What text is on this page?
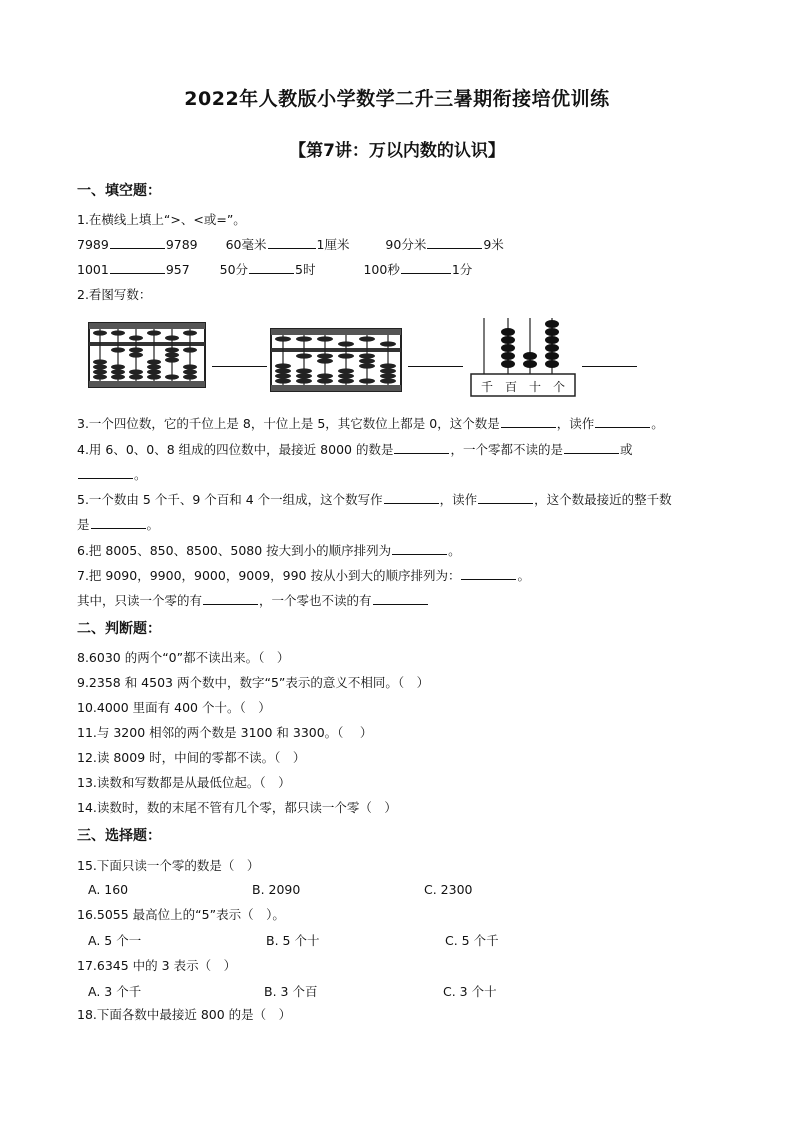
2022年人教版小学数学二升三暑期衔接培优训练
【第7讲：万以内数的认识】
一、填空题：
1.在横线上填上“>、<或=”。
7989	9789 60毫米	1厘米	90分米	9米
1001	957 50分	5时	100秒	1分
2.看图写数：
千 百 十 个
3.一个四位数，它的千位上是 8，十位上是 5，其它数位上都是 0，这个数是	，读作	。
4.用 6、0、0、8 组成的四位数中，最接近 8000 的数是	，一个零都不读的是	或
。
5.一个数由 5 个千、9 个百和 4 个一组成，这个数写作	，读作	，这个数最接近的整千数
是	。
6.把 8005、850、8500、5080 按大到小的顺序排列为	。
7.把 9090，9900，9000，9009，990 按从小到大的顺序排列为：	。
其中，只读一个零的有	，一个零也不读的有
二、判断题：
8.6030 的两个“0”都不读出来。（　）
9.2358 和 4503 两个数中，数字“5”表示的意义不相同。（　）
10.4000 里面有 400 个十。（　）
11.与 3200 相邻的两个数是 3100 和 3300。（　 ）
12.读 8009 时，中间的零都不读。（　）
13.读数和写数都是从最低位起。（　）
14.读数时，数的末尾不管有几个零，都只读一个零（　）
三、选择题：
15.下面只读一个零的数是（　）
A. 160	B. 2090	C. 2300
16.5055 最高位上的“5”表示（　）。
A. 5 个一	B. 5 个十	C. 5 个千
17.6345 中的 3 表示（　）
A. 3 个千	B. 3 个百	C. 3 个十
18.下面各数中最接近 800 的是（　）
